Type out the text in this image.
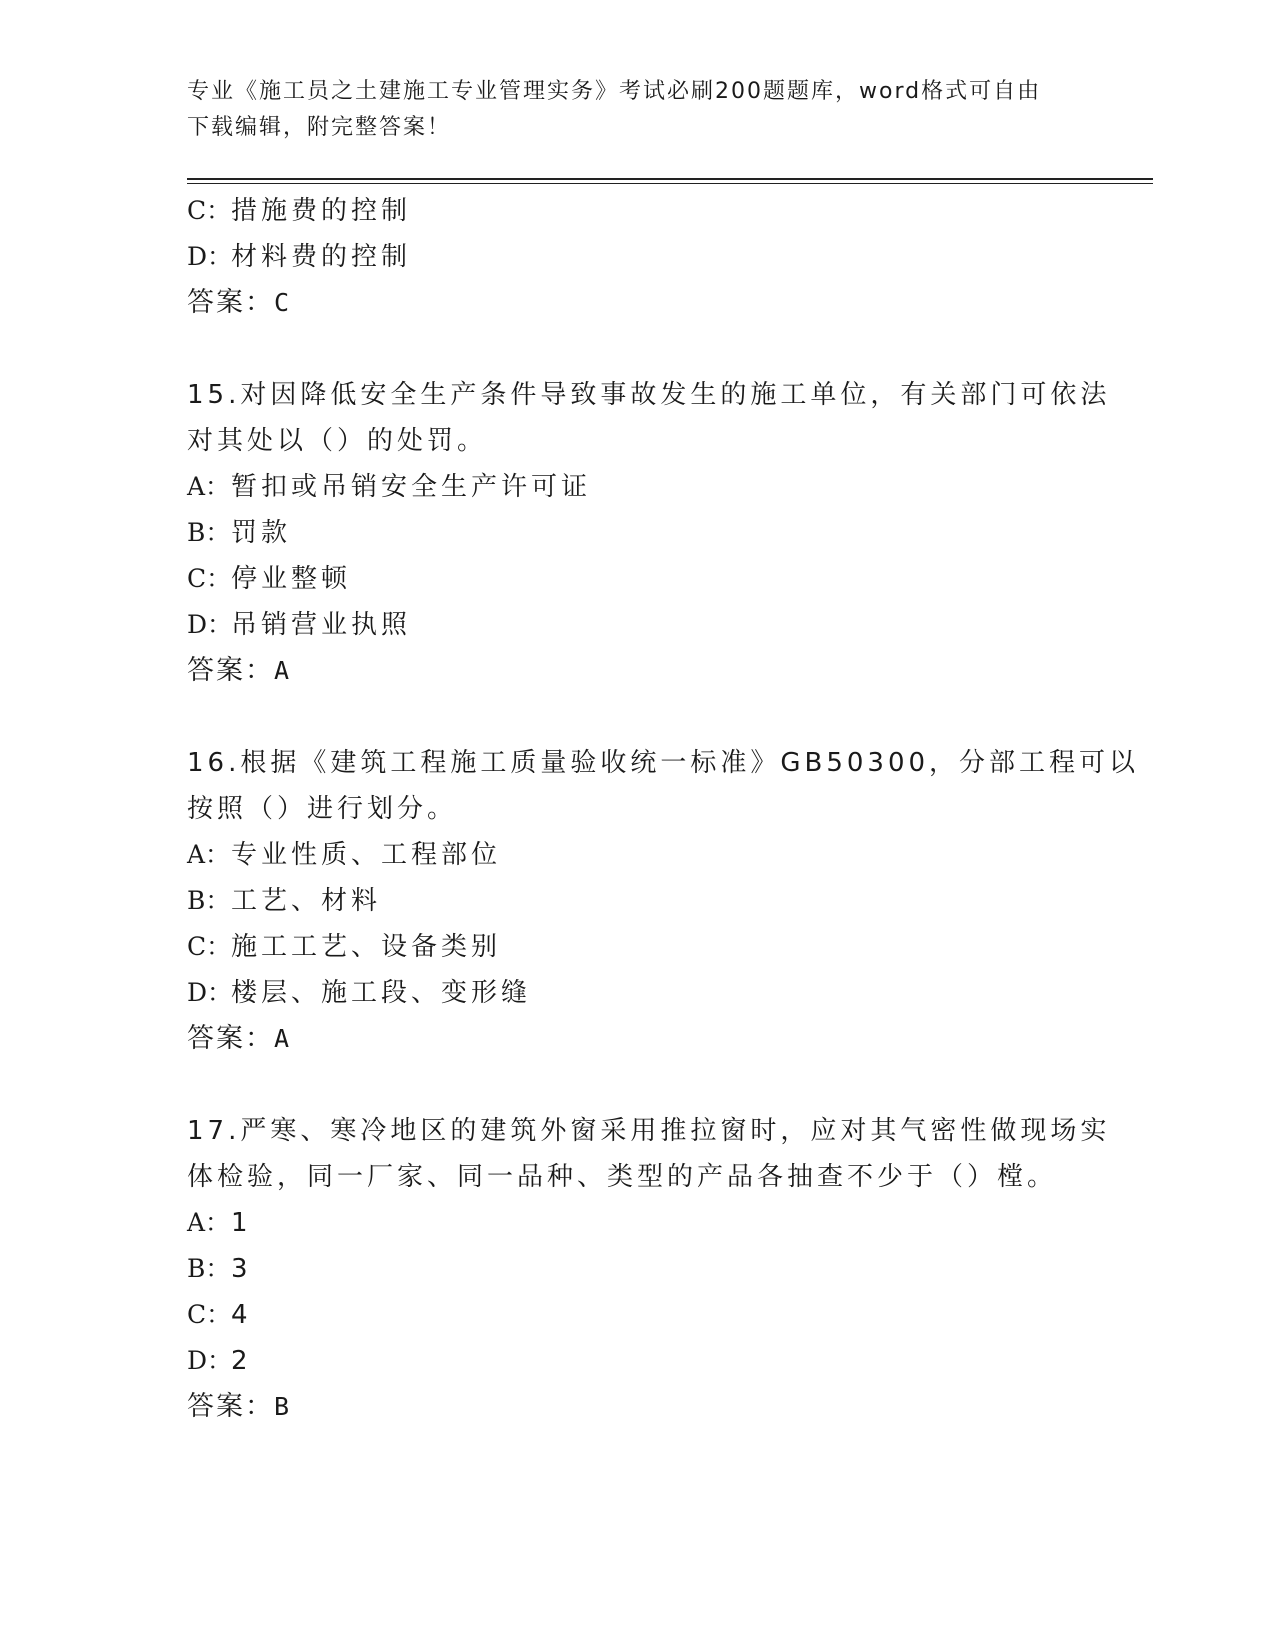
专业《施工员之土建施工专业管理实务》考试必刷200题题库，word格式可自由
下载编辑，附完整答案！
C：措施费的控制
D：材料费的控制
答案：C
15.对因降低安全生产条件导致事故发生的施工单位，有关部门可依法
对其处以（）的处罚。
A：暂扣或吊销安全生产许可证
B：罚款
C：停业整顿
D：吊销营业执照
答案：A
16.根据《建筑工程施工质量验收统一标准》GB50300，分部工程可以
按照（）进行划分。
A：专业性质、工程部位
B：工艺、材料
C：施工工艺、设备类别
D：楼层、施工段、变形缝
答案：A
17.严寒、寒冷地区的建筑外窗采用推拉窗时，应对其气密性做现场实
体检验，同一厂家、同一品种、类型的产品各抽查不少于（）樘。
A：1
B：3
C：4
D：2
答案：B
